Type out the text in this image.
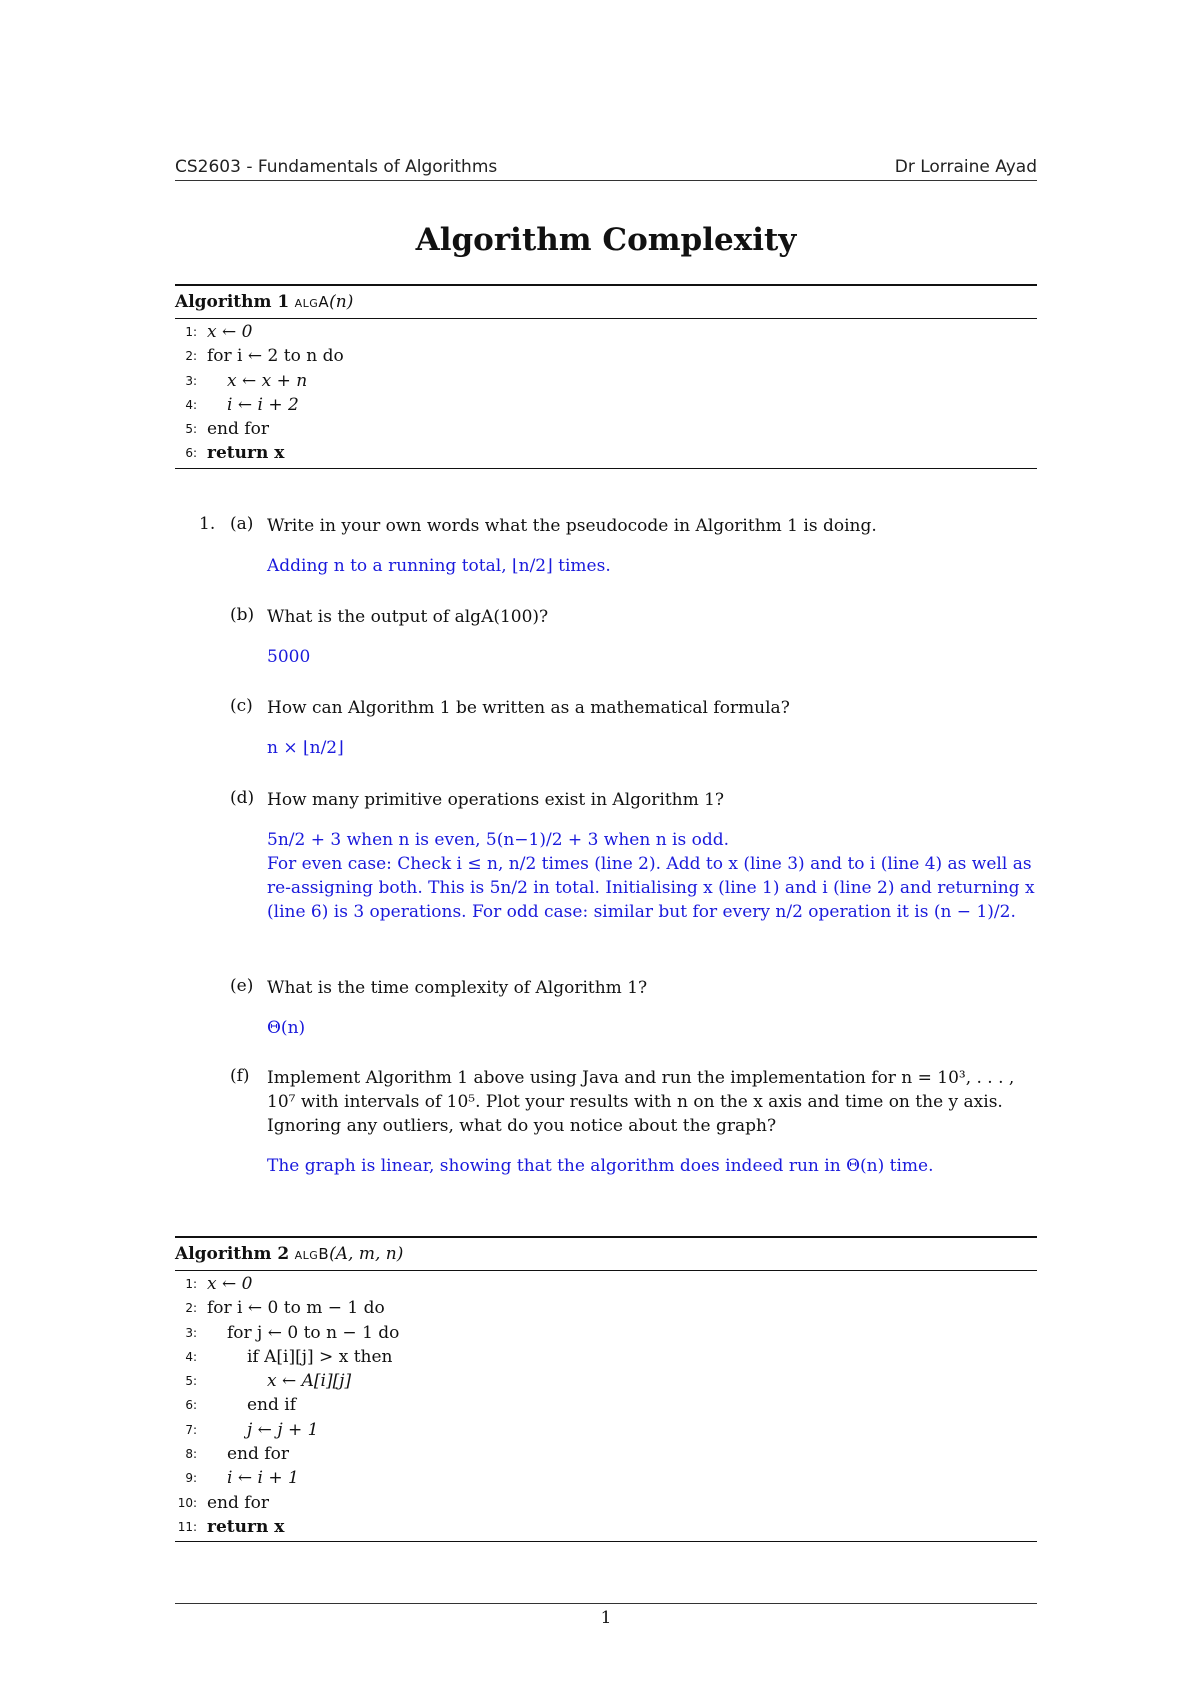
CS2603 - Fundamentals of Algorithms	Dr Lorraine Ayad
Algorithm Complexity
Algorithm 1 algA(n)
1: x ← 0
2: for i ← 2 to n do
3:	x ← x + n
4:	i ← i + 2
5: end for
6: return x
1. (a) Write in your own words what the pseudocode in Algorithm 1 is doing.
Adding n to a running total, ⌊n/2⌋ times.
(b) What is the output of algA(100)?
5000
(c) How can Algorithm 1 be written as a mathematical formula?
n × ⌊n/2⌋
(d) How many primitive operations exist in Algorithm 1?
5n/2 + 3 when n is even, 5(n−1)/2 + 3 when n is odd.
For even case: Check i ≤ n, n/2 times (line 2). Add to x (line 3) and to i (line 4) as well as re-assigning both. This is 5n/2 in total. Initialising x (line 1) and i (line 2) and returning x (line 6) is 3 operations. For odd case: similar but for every n/2 operation it is (n − 1)/2.
(e) What is the time complexity of Algorithm 1?
Θ(n)
(f) Implement Algorithm 1 above using Java and run the implementation for n = 10³, . . . , 10⁷ with intervals of 10⁵. Plot your results with n on the x axis and time on the y axis. Ignoring any outliers, what do you notice about the graph?
The graph is linear, showing that the algorithm does indeed run in Θ(n) time.
Algorithm 2 algB(A, m, n)
1: x ← 0
2: for i ← 0 to m − 1 do
3:	for j ← 0 to n − 1 do
4:	if A[i][j] > x then
5:	x ← A[i][j]
6:	end if
7:	j ← j + 1
8:	end for
9:	i ← i + 1
10: end for
11: return x
1
